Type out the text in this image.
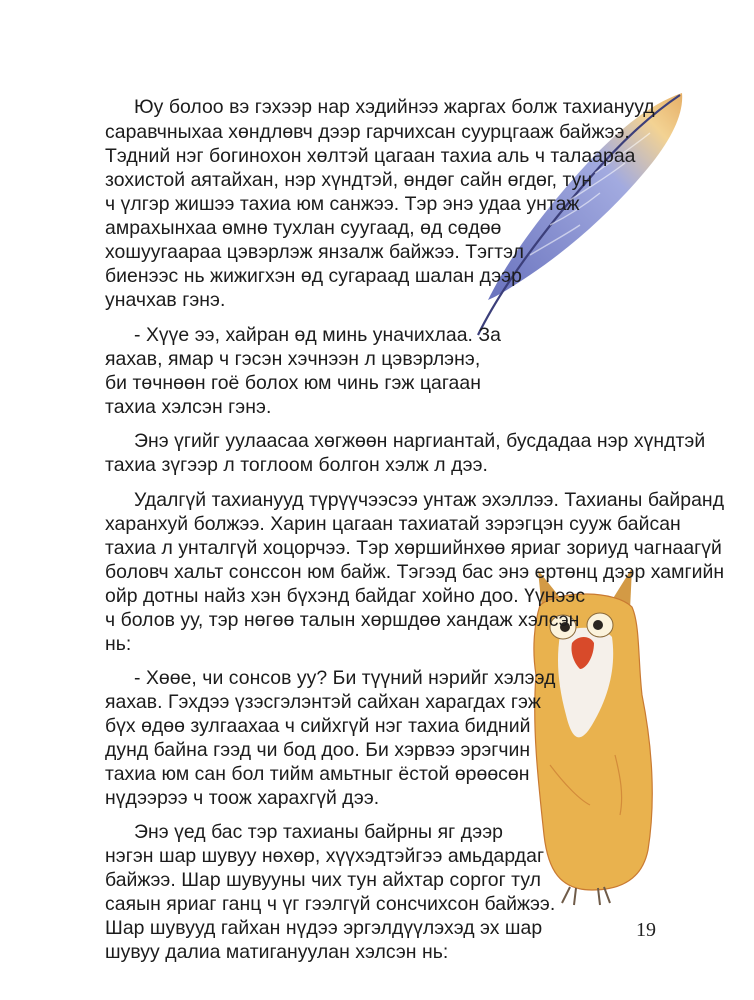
Юу болоо вэ гэхээр нар хэдийнээ жаргах болж тахианууд
саравчныхаа хөндлөвч дээр гарчихсан суурцгааж байжээ.
Тэдний нэг богинохон хөлтэй цагаан тахиа аль ч талаараа
зохистой аятайхан, нэр хүндтэй, өндөг сайн өгдөг, тун
ч үлгэр жишээ тахиа юм санжээ. Тэр энэ удаа унтаж
амрахынхаа өмнө тухлан суугаад, өд сөдөө
хошуугаараа цэвэрлэж янзалж байжээ. Тэгтэл
биенээс нь жижигхэн өд сугараад шалан дээр
уначхав гэнэ.
- Хүүе ээ, хайран өд минь уначихлаа. За
яахав, ямар ч гэсэн хэчнээн л цэвэрлэнэ,
би төчнөөн гоё болох юм чинь гэж цагаан
тахиа хэлсэн гэнэ.
Энэ үгийг уулаасаа хөгжөөн наргиантай, бусдадаа нэр хүндтэй
тахиа зүгээр л тоглоом болгон хэлж л дээ.
Удалгүй тахианууд түрүүчээсээ унтаж эхэллээ. Тахианы байранд
харанхуй болжээ. Харин цагаан тахиатай зэрэгцэн сууж байсан
тахиа л унталгүй хоцорчээ. Тэр хөршийнхөө яриаг зориуд чагнаагүй
боловч хальт сонссон юм байж. Тэгээд бас энэ ертөнц дээр хамгийн
ойр дотны найз хэн бүхэнд байдаг хойно доо. Үүнээс
ч болов уу, тэр нөгөө талын хөршдөө хандаж хэлсэн
нь:
- Хөөе, чи сонсов уу? Би түүний нэрийг хэлээд
яахав. Гэхдээ үзэсгэлэнтэй сайхан харагдах гэж
бүх өдөө зулгаахаа ч сийхгүй нэг тахиа бидний
дунд байна гээд чи бод доо. Би хэрвээ эрэгчин
тахиа юм сан бол тийм амьтныг ёстой өрөөсөн
нүдээрээ ч тоож харахгүй дээ.
Энэ үед бас тэр тахианы байрны яг дээр
нэгэн шар шувуу нөхөр, хүүхэдтэйгээ амьдардаг
байжээ. Шар шувууны чих тун айхтар соргог тул
саяын яриаг ганц ч үг гээлгүй сонсчихсон байжээ.
Шар шувууд гайхан нүдээ эргэлдүүлэхэд эх шар
шувуу далиа матигануулан хэлсэн нь:
19
